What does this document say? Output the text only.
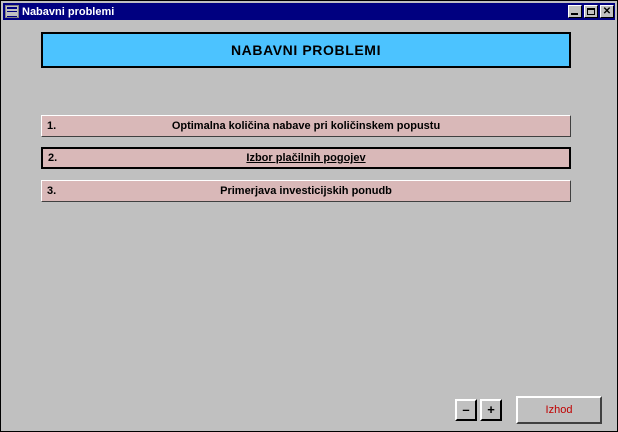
Nabavni problemi	✕
NABAVNI PROBLEMI
1.	Optimalna količina nabave pri količinskem popustu
2.	Izbor plačilnih pogojev
3.	Primerjava investicijskih ponudb
–	+	Izhod
